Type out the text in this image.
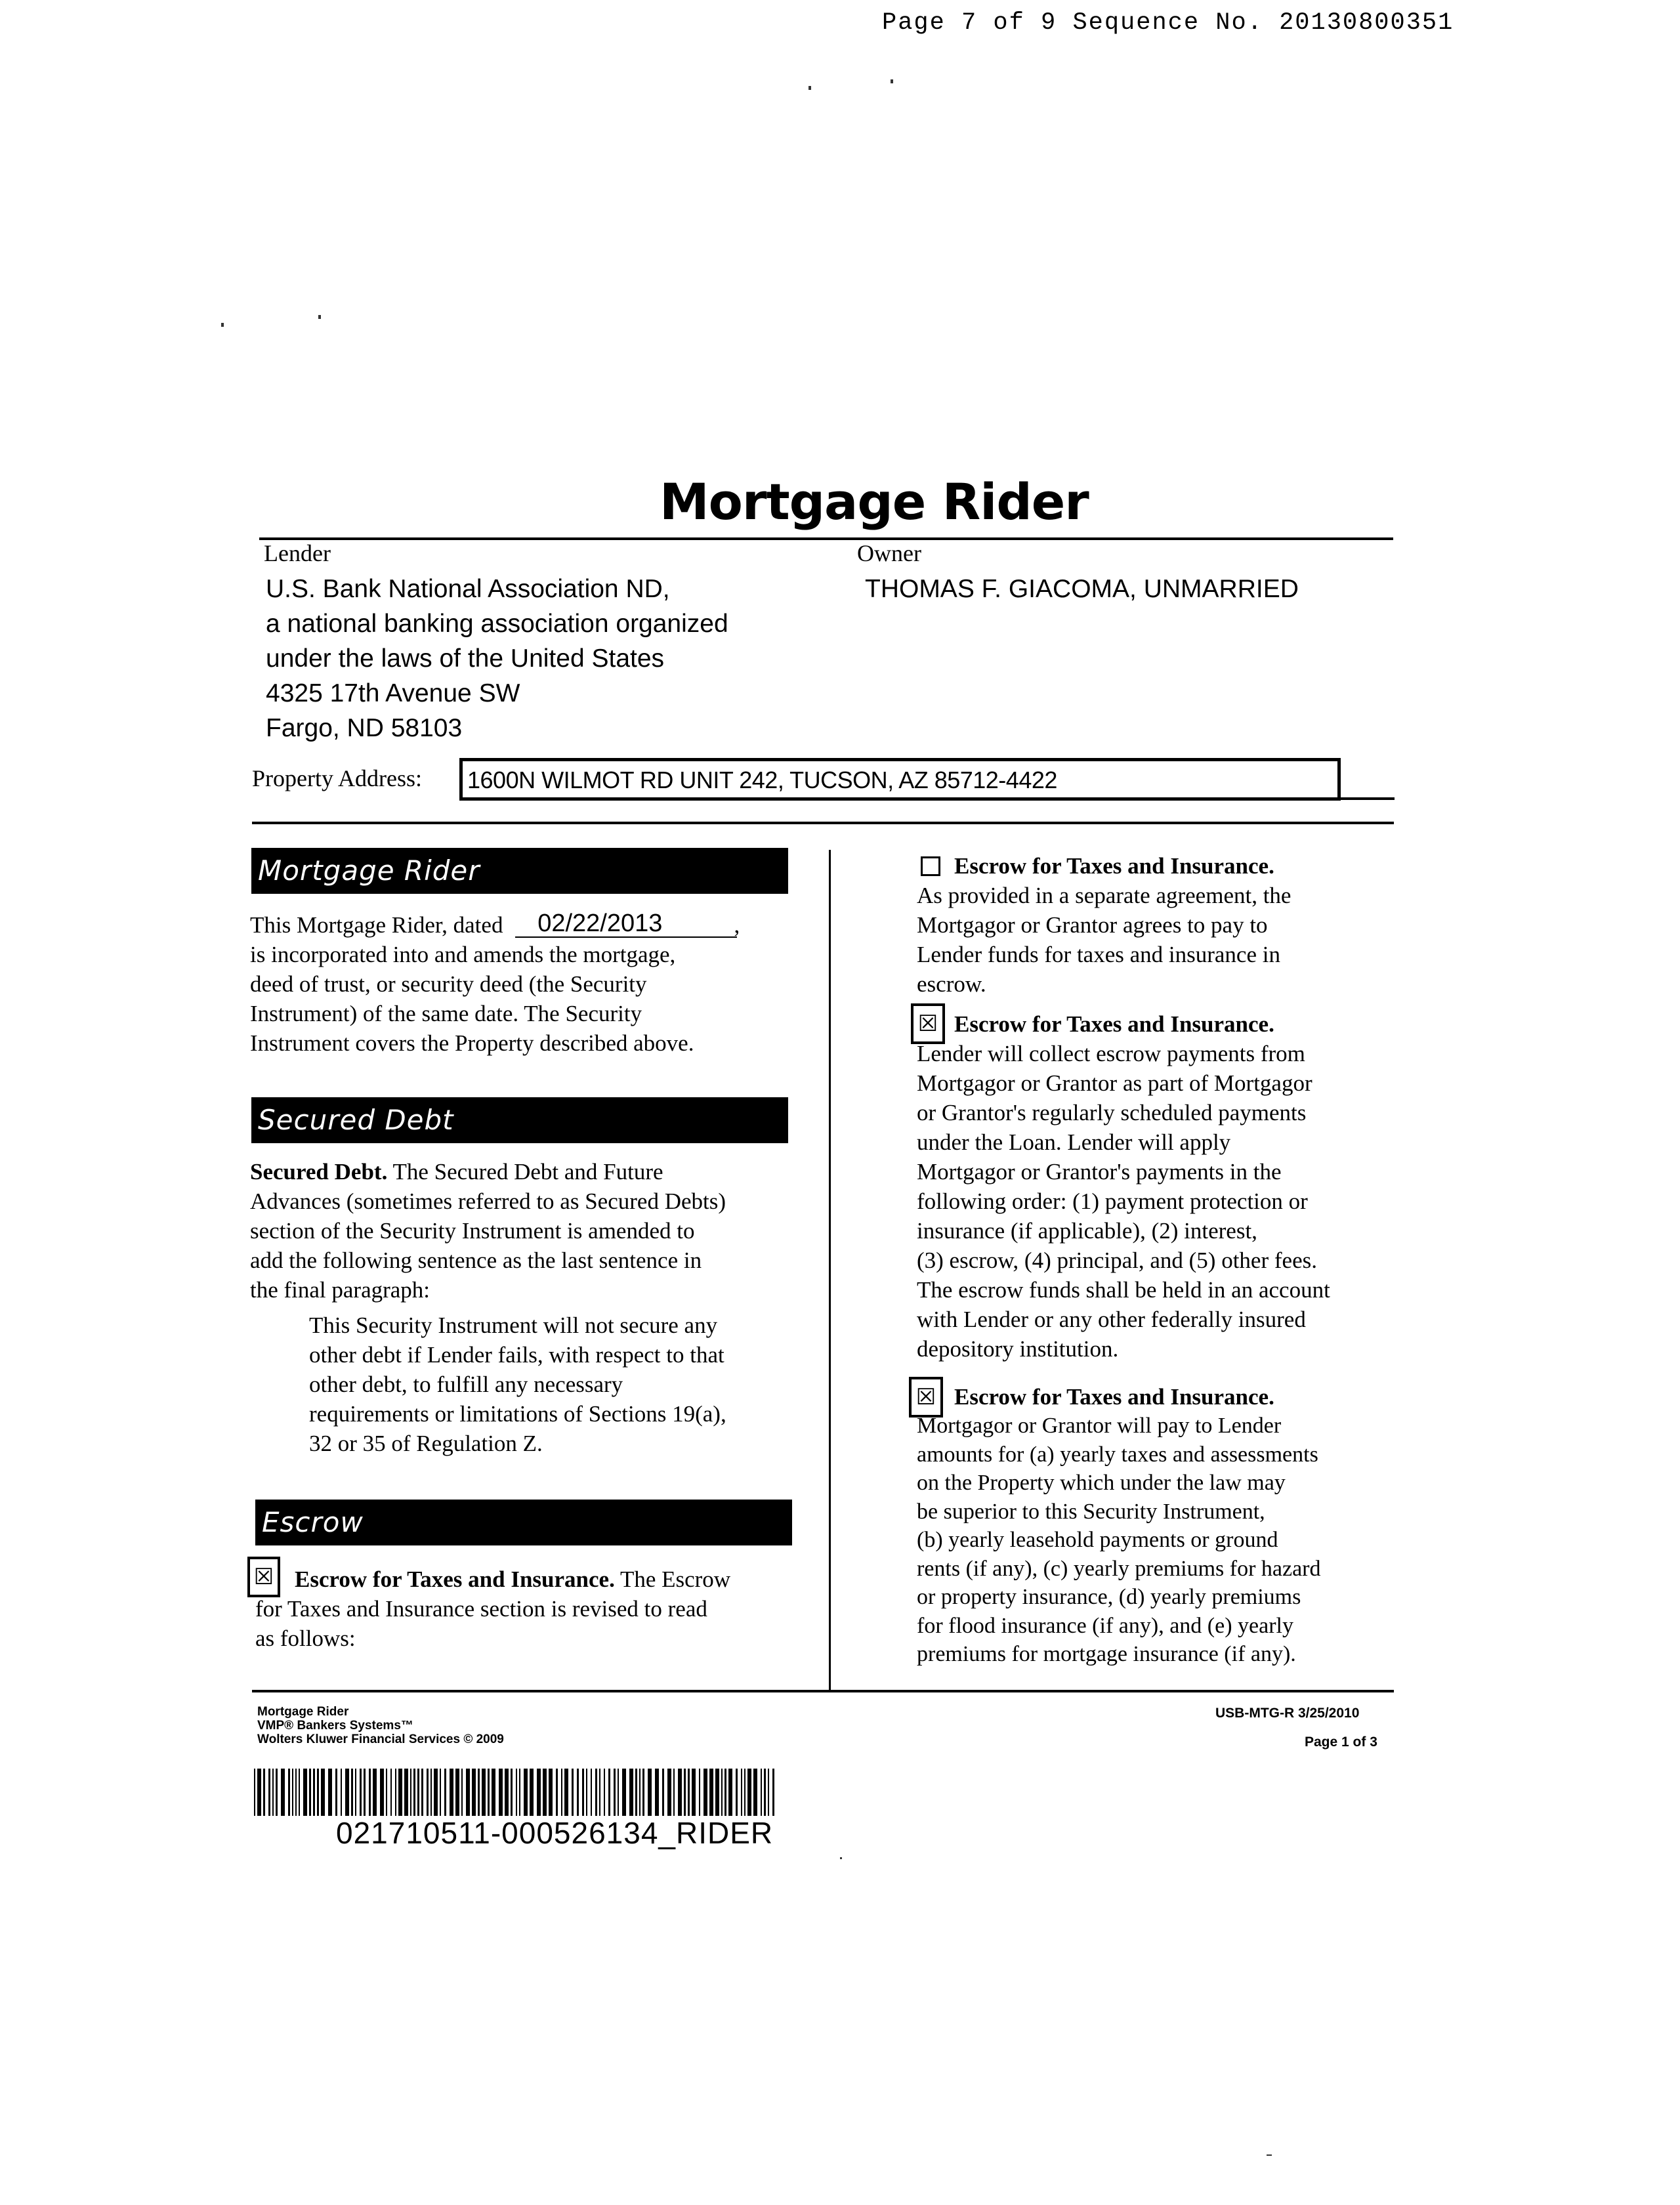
Page 7 of 9 Sequence No. 20130800351
Mortgage Rider
Lender
U.S. Bank National Association ND,
a national banking association organized
under the laws of the United States
4325 17th Avenue SW
Fargo, ND 58103
Owner
THOMAS F. GIACOMA, UNMARRIED
Property Address: 1600N WILMOT RD UNIT 242, TUCSON, AZ 85712-4422
Mortgage Rider
This Mortgage Rider, dated 02/22/2013	,
is incorporated into and amends the mortgage,
deed of trust, or security deed (the Security
Instrument) of the same date. The Security
Instrument covers the Property described above.
Secured Debt
Secured Debt. The Secured Debt and Future
Advances (sometimes referred to as Secured Debts)
section of the Security Instrument is amended to
add the following sentence as the last sentence in
the final paragraph:
This Security Instrument will not secure any
other debt if Lender fails, with respect to that
other debt, to fulfill any necessary
requirements or limitations of Sections 19(a),
32 or 35 of Regulation Z.
Escrow
☒ Escrow for Taxes and Insurance. The Escrow
for Taxes and Insurance section is revised to read
as follows:
Escrow for Taxes and Insurance.
As provided in a separate agreement, the
Mortgagor or Grantor agrees to pay to
Lender funds for taxes and insurance in
escrow.
☒ Escrow for Taxes and Insurance.
Lender will collect escrow payments from
Mortgagor or Grantor as part of Mortgagor
or Grantor's regularly scheduled payments
under the Loan. Lender will apply
Mortgagor or Grantor's payments in the
following order: (1) payment protection or
insurance (if applicable), (2) interest,
(3) escrow, (4) principal, and (5) other fees.
The escrow funds shall be held in an account
with Lender or any other federally insured
depository institution.
☒ Escrow for Taxes and Insurance.
Mortgagor or Grantor will pay to Lender
amounts for (a) yearly taxes and assessments
on the Property which under the law may
be superior to this Security Instrument,
(b) yearly leasehold payments or ground
rents (if any), (c) yearly premiums for hazard
or property insurance, (d) yearly premiums
for flood insurance (if any), and (e) yearly
premiums for mortgage insurance (if any).
Mortgage Rider
VMP® Bankers Systems™
Wolters Kluwer Financial Services © 2009
USB-MTG-R 3/25/2010
Page 1 of 3
021710511-000526134_RIDER
